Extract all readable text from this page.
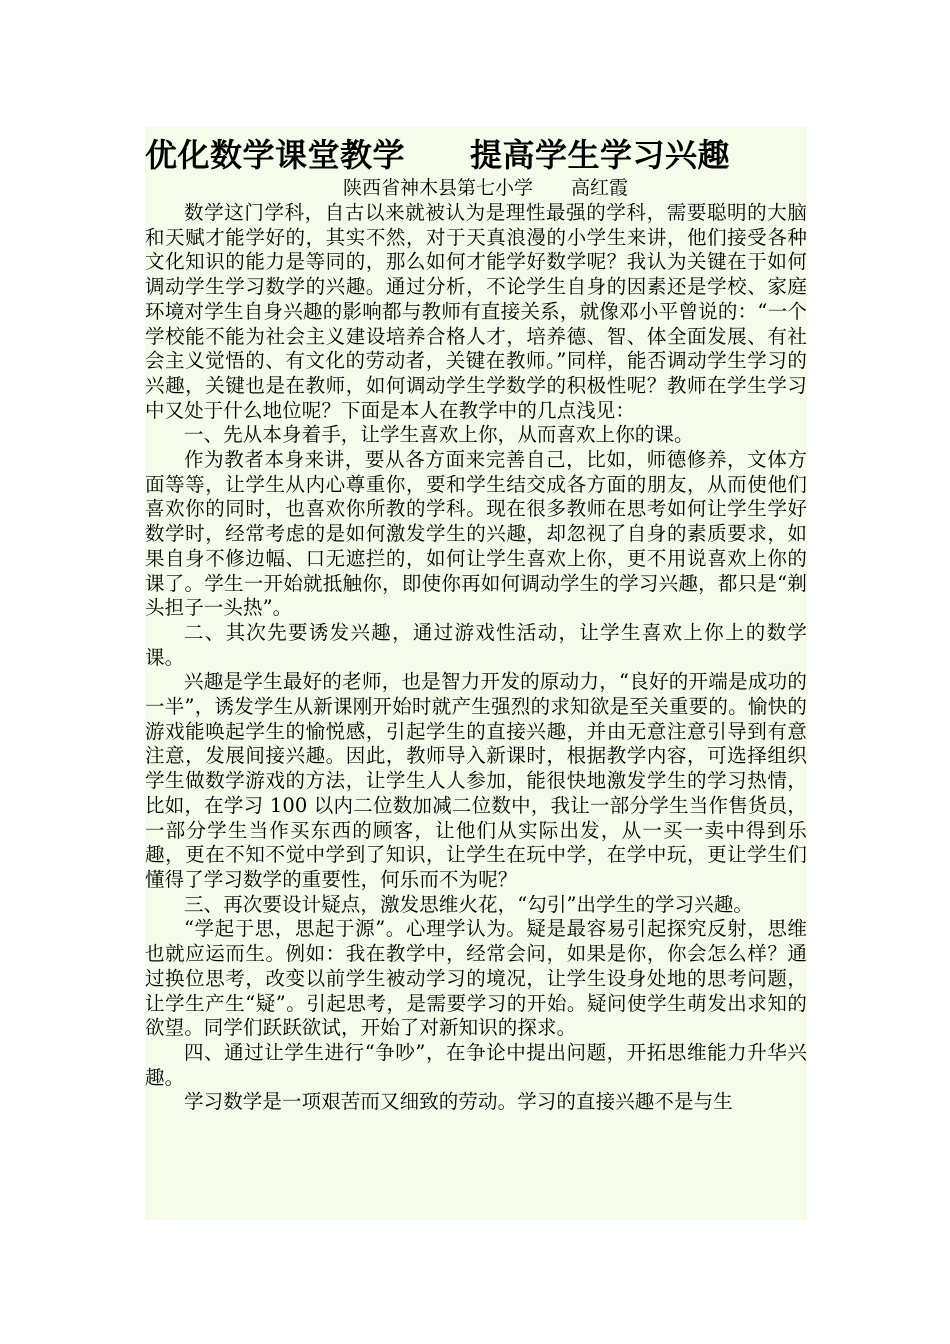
优化数学课堂教学　　提高学生学习兴趣
陕西省神木县第七小学　　高红霞

数学这门学科，自古以来就被认为是理性最强的学科，需要聪明的大脑和天赋才能学好的，其实不然，对于天真浪漫的小学生来讲，他们接受各种文化知识的能力是等同的，那么如何才能学好数学呢？我认为关键在于如何调动学生学习数学的兴趣。通过分析，不论学生自身的因素还是学校、家庭环境对学生自身兴趣的影响都与教师有直接关系，就像邓小平曾说的：“一个学校能不能为社会主义建设培养合格人才，培养德、智、体全面发展、有社会主义觉悟的、有文化的劳动者，关键在教师。”同样，能否调动学生学习的兴趣，关键也是在教师，如何调动学生学数学的积极性呢？教师在学生学习中又处于什么地位呢？下面是本人在教学中的几点浅见：

一、先从本身着手，让学生喜欢上你，从而喜欢上你的课。

作为教者本身来讲，要从各方面来完善自己，比如，师德修养，文体方面等等，让学生从内心尊重你，要和学生结交成各方面的朋友，从而使他们喜欢你的同时，也喜欢你所教的学科。现在很多教师在思考如何让学生学好数学时，经常考虑的是如何激发学生的兴趣，却忽视了自身的素质要求，如果自身不修边幅、口无遮拦的，如何让学生喜欢上你，更不用说喜欢上你的课了。学生一开始就抵触你，即使你再如何调动学生的学习兴趣，都只是“剃头担子一头热”。

二、其次先要诱发兴趣，通过游戏性活动，让学生喜欢上你上的数学课。

兴趣是学生最好的老师，也是智力开发的原动力，“良好的开端是成功的一半”，诱发学生从新课刚开始时就产生强烈的求知欲是至关重要的。愉快的游戏能唤起学生的愉悦感，引起学生的直接兴趣，并由无意注意引导到有意注意，发展间接兴趣。因此，教师导入新课时，根据教学内容，可选择组织学生做数学游戏的方法，让学生人人参加，能很快地激发学生的学习热情，比如，在学习 100 以内二位数加减二位数中，我让一部分学生当作售货员，一部分学生当作买东西的顾客，让他们从实际出发，从一买一卖中得到乐趣，更在不知不觉中学到了知识，让学生在玩中学，在学中玩，更让学生们懂得了学习数学的重要性，何乐而不为呢？

三、再次要设计疑点，激发思维火花，“勾引”出学生的学习兴趣。

“学起于思，思起于源”。心理学认为。疑是最容易引起探究反射，思维也就应运而生。例如：我在教学中，经常会问，如果是你，你会怎么样？通过换位思考，改变以前学生被动学习的境况，让学生设身处地的思考问题，让学生产生“疑”。引起思考，是需要学习的开始。疑问使学生萌发出求知的欲望。同学们跃跃欲试，开始了对新知识的探求。

四、通过让学生进行“争吵”，在争论中提出问题，开拓思维能力升华兴趣。

学习数学是一项艰苦而又细致的劳动。学习的直接兴趣不是与生
